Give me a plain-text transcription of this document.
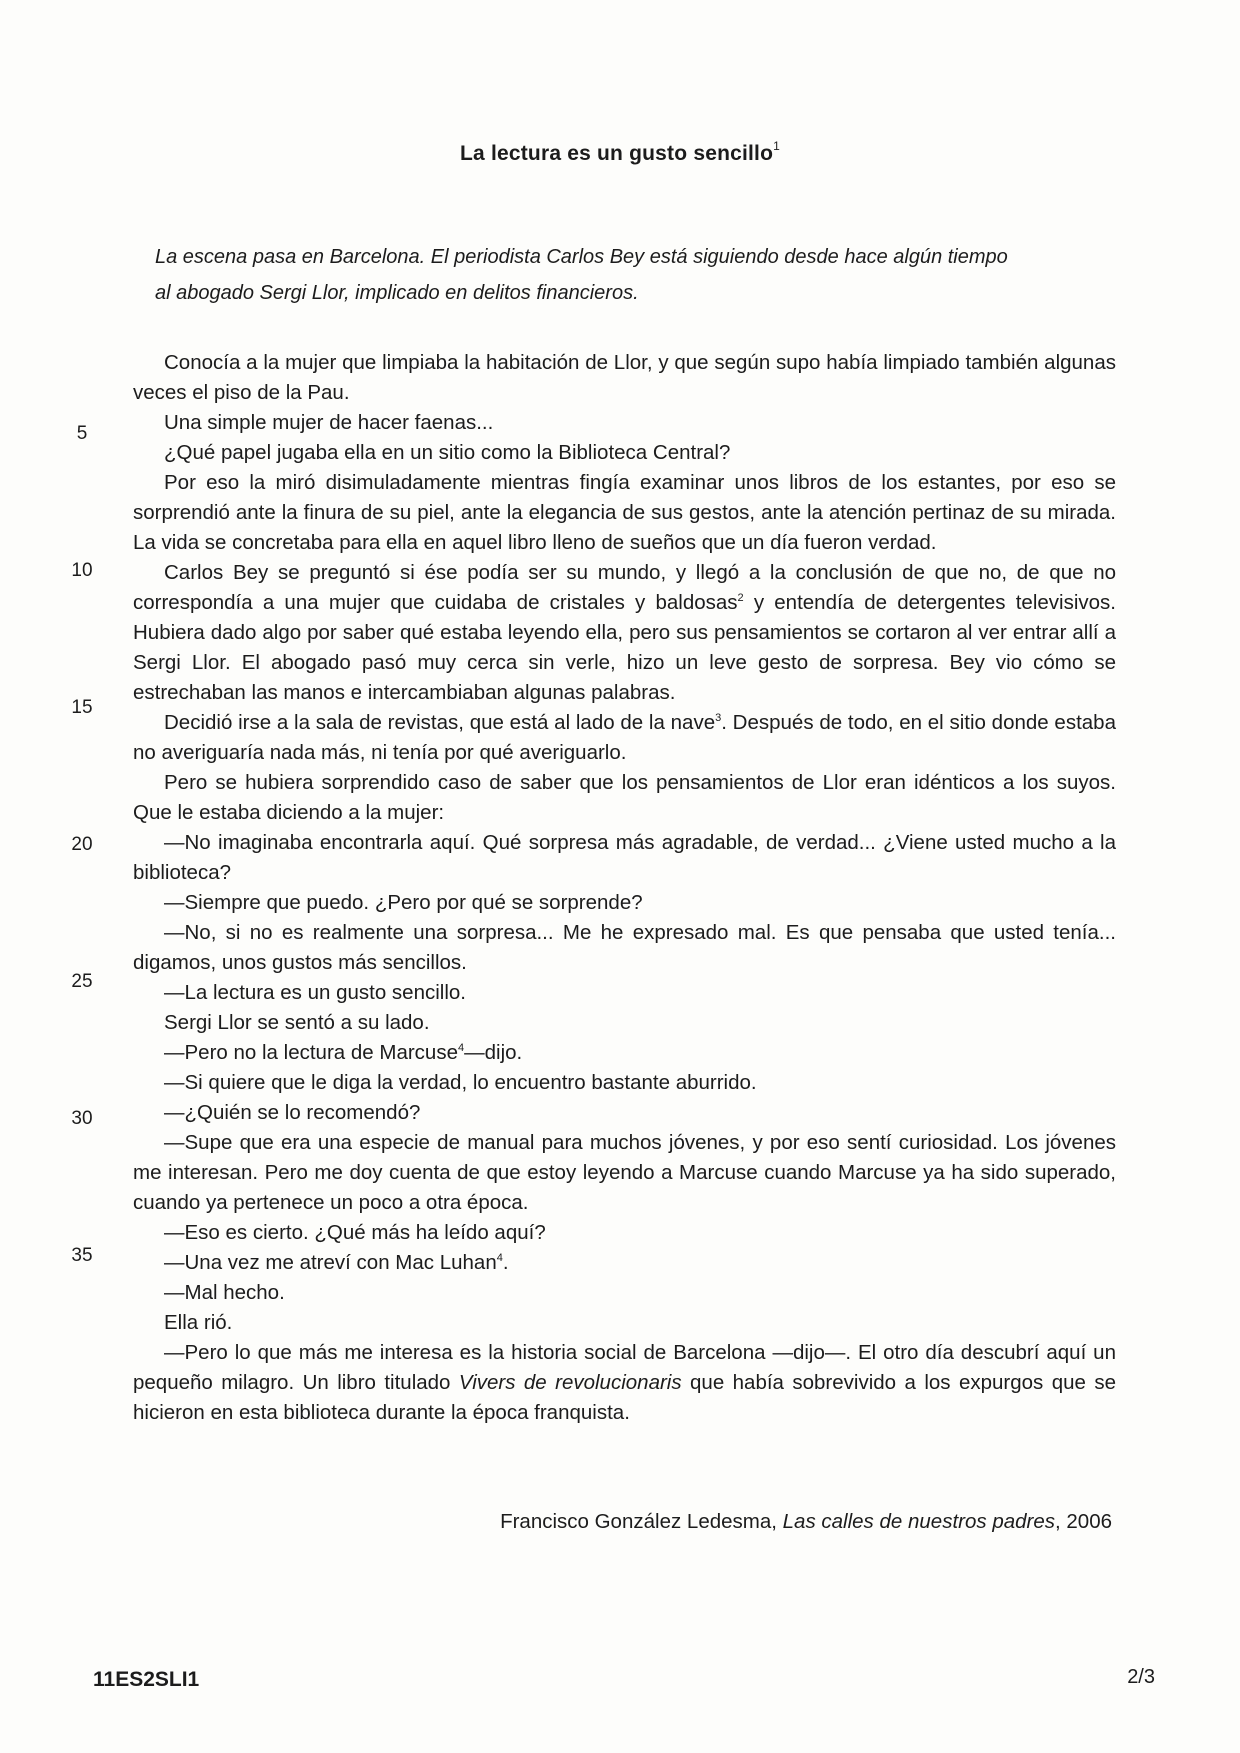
La lectura es un gusto sencillo$^1$

La escena pasa en Barcelona. El periodista Carlos Bey está siguiendo desde hace algún tiempo

al abogado Sergi Llor, implicado en delitos financieros.

5
10
15
20
25
30
35

Conocía a la mujer que limpiaba la habitación de Llor, y que según supo había limpiado también algunas veces el piso de la Pau.

Una simple mujer de hacer faenas...

¿Qué papel jugaba ella en un sitio como la Biblioteca Central?

Por eso la miró disimuladamente mientras fingía examinar unos libros de los estantes, por eso se sorprendió ante la finura de su piel, ante la elegancia de sus gestos, ante la atención pertinaz de su mirada. La vida se concretaba para ella en aquel libro lleno de sueños que un día fueron verdad.

Carlos Bey se preguntó si ése podía ser su mundo, y llegó a la conclusión de que no, de que no correspondía a una mujer que cuidaba de cristales y baldosas$^2$ y entendía de detergentes televisivos. Hubiera dado algo por saber qué estaba leyendo ella, pero sus pensamientos se cortaron al ver entrar allí a Sergi Llor. El abogado pasó muy cerca sin verle, hizo un leve gesto de sorpresa. Bey vio cómo se estrechaban las manos e intercambiaban algunas palabras.

Decidió irse a la sala de revistas, que está al lado de la nave$^3$. Después de todo, en el sitio donde estaba no averiguaría nada más, ni tenía por qué averiguarlo.

Pero se hubiera sorprendido caso de saber que los pensamientos de Llor eran idénticos a los suyos. Que le estaba diciendo a la mujer:

—No imaginaba encontrarla aquí. Qué sorpresa más agradable, de verdad... ¿Viene usted mucho a la biblioteca?

—Siempre que puedo. ¿Pero por qué se sorprende?

—No, si no es realmente una sorpresa... Me he expresado mal. Es que pensaba que usted tenía... digamos, unos gustos más sencillos.

—La lectura es un gusto sencillo.

Sergi Llor se sentó a su lado.

—Pero no la lectura de Marcuse$^4$—dijo.

—Si quiere que le diga la verdad, lo encuentro bastante aburrido.

—¿Quién se lo recomendó?

—Supe que era una especie de manual para muchos jóvenes, y por eso sentí curiosidad. Los jóvenes me interesan. Pero me doy cuenta de que estoy leyendo a Marcuse cuando Marcuse ya ha sido superado, cuando ya pertenece un poco a otra época.

—Eso es cierto. ¿Qué más ha leído aquí?

—Una vez me atreví con Mac Luhan$^4$.

—Mal hecho.

Ella rió.

—Pero lo que más me interesa es la historia social de Barcelona —dijo—. El otro día descubrí aquí un pequeño milagro. Un libro titulado Vivers de revolucionaris que había sobrevivido a los expurgos que se hicieron en esta biblioteca durante la época franquista.

Francisco González Ledesma, Las calles de nuestros padres, 2006
11ES2SLI1	2/3
